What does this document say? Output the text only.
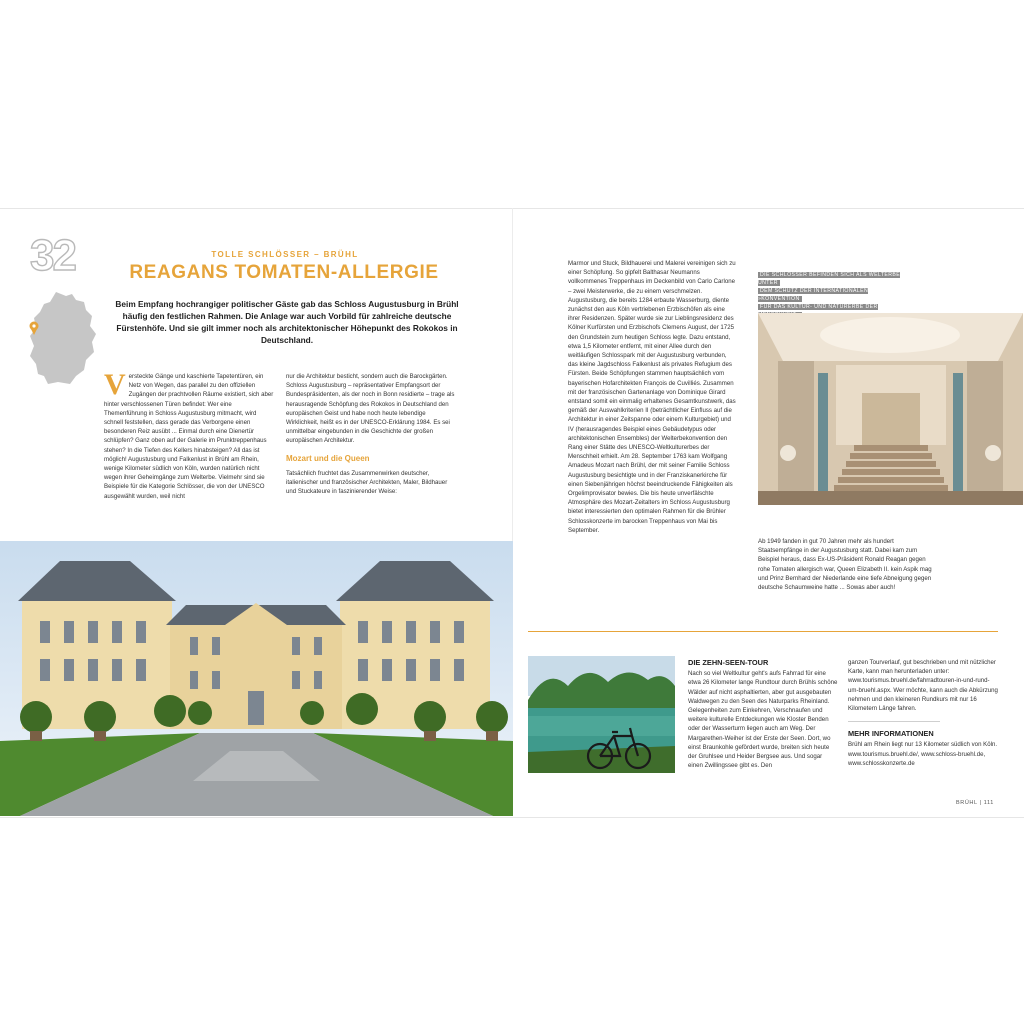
32	TOLLE SCHLÖSSER – BRÜHL
REAGANS TOMATEN-ALLERGIE
Beim Empfang hochrangiger politischer Gäste gab das Schloss Augustusburg in Brühl häufig den festlichen Rahmen. Die Anlage war auch Vorbild für zahlreiche deutsche Fürstenhöfe. Und sie gilt immer noch als architektonischer Höhepunkt des Rokokos in Deutschland.
V ersteckte Gänge und kaschierte Tapetentüren, ein Netz von Wegen, das parallel zu den offiziellen Zugängen der prachtvollen Räume existiert, sich aber hinter verschlossenen Türen befindet: Wer eine Themenführung in Schloss Augustusburg mitmacht, wird schnell feststellen, dass gerade das Verborgene einen besonderen Reiz ausübt ... Einmal durch eine Dienertür schlüpfen? Ganz oben auf der Galerie im Prunktreppenhaus stehen? In die Tiefen des Kellers hinabsteigen? All das ist möglich! Augustusburg und Falkenlust in Brühl am Rhein, wenige Kilometer südlich von Köln, wurden natürlich nicht wegen ihrer Geheimgänge zum Welterbe. Vielmehr sind sie Beispiele für die Kategorie Schlösser, die von der UNESCO ausgewählt wurden, weil nicht

nur die Architektur besticht, sondern auch die Barockgärten. Schloss Augustusburg – repräsentativer Empfangsort der Bundespräsidenten, als der noch in Bonn residierte – trage als herausragende Schöpfung des Rokokos in Deutschland den europäischen Geist und habe noch heute lebendige Wirklichkeit, heißt es in der UNESCO-Erklärung 1984. Es sei unmittelbar eingebunden in die Geschichte der großen europäischen Architektur.

Mozart und die Queen

Tatsächlich fruchtet das Zusammenwirken deutscher, italienischer und französischer Architekten, Maler, Bildhauer und Stuckateure in faszinierender Weise:

Marmor und Stuck, Bildhauerei und Malerei vereinigen sich zu einer Schöpfung. So gipfelt Balthasar Neumanns vollkommenes Treppenhaus im Deckenbild von Carlo Carlone – zwei Meisterwerke, die zu einem verschmelzen. Augustusburg, die bereits 1284 erbaute Wasserburg, diente zunächst den aus Köln vertriebenen Erzbischöfen als eine ihrer Residenzen. Später wurde sie zur Lieblingsresidenz des Kölner Kurfürsten und Erzbischofs Clemens August, der 1725 den Grundstein zum heutigen Schloss legte. Dazu entstand, etwa 1,5 Kilometer entfernt, mit einer Allee durch den weitläufigen Schlosspark mit der Augustusburg verbunden, das kleine Jagdschloss Falkenlust als privates Refugium des Fürsten. Beide Schöpfungen stammen hauptsächlich vom bayerischen Hofarchitekten François de Cuvilliés. Zusammen mit der französischen Gartenanlage von Dominique Girard entstand somit ein einmalig erhaltenes Gesamtkunstwerk, das gemäß der Auswahlkriterien II (beträchtlicher Einfluss auf die Architektur in einer Zeitspanne oder einem Kulturgebiet) und IV (herausragendes Beispiel eines Gebäudetypus oder architektonischen Ensembles) der Welterbekonvention den Rang einer Stätte des UNESCO-Weltkulturerbes der Menschheit erhielt. Am 28. September 1763 kam Wolfgang Amadeus Mozart nach Brühl, der mit seiner Familie Schloss Augustusburg besichtigte und in der Franziskanerkirche für einen Siebenjährigen höchst beeindruckende Fähigkeiten als Orgelimprovisator bewies. Die bis heute unverfälschte Atmosphäre des Mozart-Zeitalters im Schloss Augustusburg bietet interessierten den optimalen Rahmen für die Brühler Schlosskonzerte im barocken Treppenhaus von Mai bis September.

DIE SCHLÖSSER BEFINDEN SICH ALS WELTERBE UNTER
DEM SCHUTZ DER INTERNATIONALEN »KONVENTION
FÜR DAS KULTUR- UND NATURERBE DER

Ab 1949 fanden in gut 70 Jahren mehr als hundert Staatsempfänge in der Augustusburg statt. Dabei kam zum Beispiel heraus, dass Ex-US-Präsident Ronald Reagan gegen rohe Tomaten allergisch war, Queen Elizabeth II. kein Aspik mag und Prinz Bernhard der Niederlande eine tiefe Abneigung gegen deutsche Schaumweine hatte ... Sowas aber auch!

DIE ZEHN-SEEN-TOUR

Nach so viel Weltkultur geht's aufs Fahrrad für eine etwa 26 Kilometer lange Rundtour durch Brühls schöne Wälder auf nicht asphaltierten, aber gut ausgebauten Waldwegen zu den Seen des Naturparks Rheinland. Gelegenheiten zum Einkehren, Verschnaufen und weitere kulturelle Entdeckungen wie Kloster Benden oder der Wasserturm liegen auch am Weg. Der Margarethen-Weiher ist der Erste der Seen. Dort, wo einst Braunkohle gefördert wurde, breiten sich heute der Gruhlsee und Heider Bergsee aus. Und sogar einen Zwillingssee gibt es. Den

ganzen Tourverlauf, gut beschrieben und mit nützlicher Karte, kann man herunterladen unter: www.tourismus.bruehl.de/fahrradtouren-in-und-rund-um-bruehl.aspx. Wer möchte, kann auch die Abkürzung nehmen und den kleineren Rundkurs mit nur 16 Kilometern Länge fahren.

MEHR INFORMATIONEN

Brühl am Rhein liegt nur 13 Kilometer südlich von Köln. www.tourismus.bruehl.de/, www.schloss-bruehl.de, www.schlosskonzerte.de

BRÜHL | 111
